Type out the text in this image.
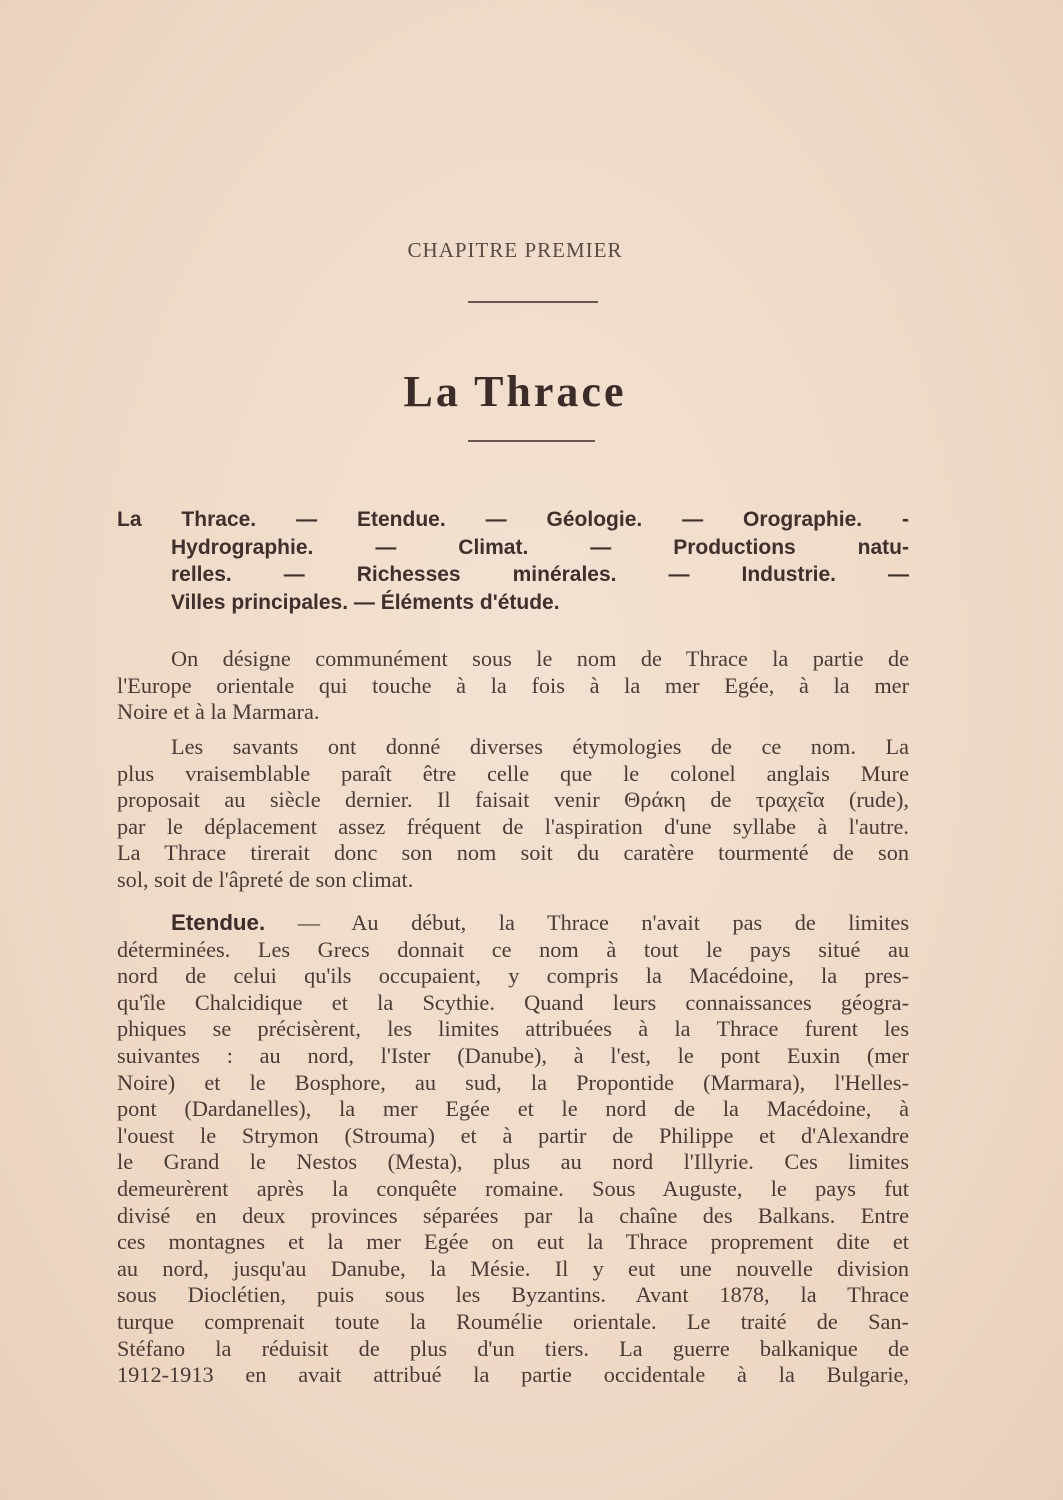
CHAPITRE PREMIER
La Thrace
La Thrace. — Etendue. — Géologie. — Orographie. -
Hydrographie. — Climat. — Productions natu-
relles. — Richesses minérales. — Industrie. —
Villes principales. — Éléments d'étude.
On désigne communément sous le nom de Thrace la partie de
l'Europe orientale qui touche à la fois à la mer Egée, à la mer
Noire et à la Marmara.
Les savants ont donné diverses étymologies de ce nom. La
plus vraisemblable paraît être celle que le colonel anglais Mure
proposait au siècle dernier. Il faisait venir Θράκη de τραχεῖα (rude),
par le déplacement assez fréquent de l'aspiration d'une syllabe à l'autre.
La Thrace tirerait donc son nom soit du caratère tourmenté de son
sol, soit de l'âpreté de son climat.
Etendue. — Au début, la Thrace n'avait pas de limites
déterminées. Les Grecs donnait ce nom à tout le pays situé au
nord de celui qu'ils occupaient, y compris la Macédoine, la pres-
qu'île Chalcidique et la Scythie. Quand leurs connaissances géogra-
phiques se précisèrent, les limites attribuées à la Thrace furent les
suivantes : au nord, l'Ister (Danube), à l'est, le pont Euxin (mer
Noire) et le Bosphore, au sud, la Propontide (Marmara), l'Helles-
pont (Dardanelles), la mer Egée et le nord de la Macédoine, à
l'ouest le Strymon (Strouma) et à partir de Philippe et d'Alexandre
le Grand le Nestos (Mesta), plus au nord l'Illyrie. Ces limites
demeurèrent après la conquête romaine. Sous Auguste, le pays fut
divisé en deux provinces séparées par la chaîne des Balkans. Entre
ces montagnes et la mer Egée on eut la Thrace proprement dite et
au nord, jusqu'au Danube, la Mésie. Il y eut une nouvelle division
sous Dioclétien, puis sous les Byzantins. Avant 1878, la Thrace
turque comprenait toute la Roumélie orientale. Le traité de San-
Stéfano la réduisit de plus d'un tiers. La guerre balkanique de
1912-1913 en avait attribué la partie occidentale à la Bulgarie,
